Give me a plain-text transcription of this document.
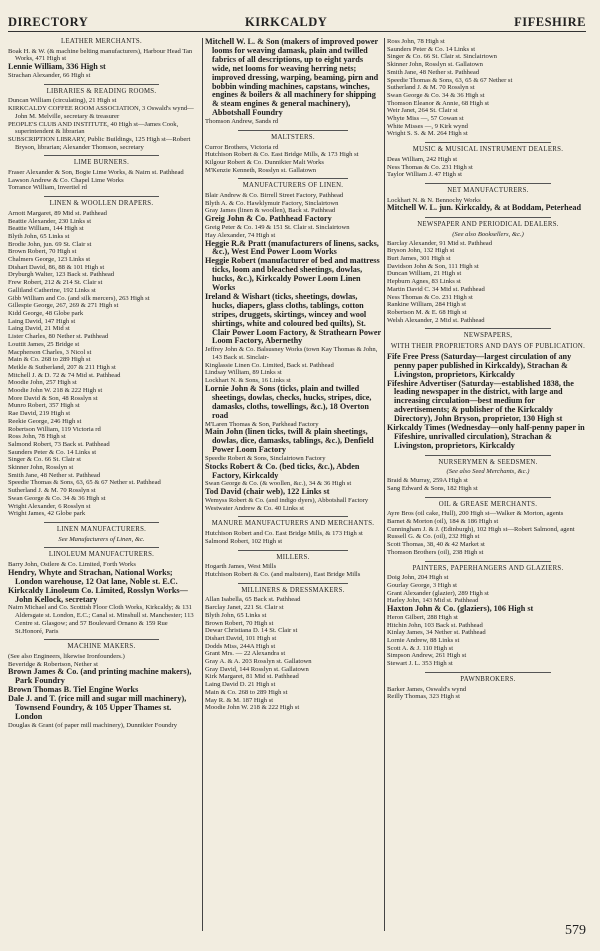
DIRECTORY	KIRKCALDY	FIFESHIRE
LEATHER MERCHANTS.
Boak H. & W. (& machine belting manufacturers), Harbour Head Tan Works, 471 High st
Lennie William, 336 High st
Strachan Alexander, 66 High st
LIBRARIES & READING ROOMS.
Duncan William (circulating), 21 High st
KIRKCALDY COFFEE ROOM ASSOCIATION, 3 Oswald's wynd—John M. Melville, secretary & treasurer
PEOPLE'S CLUB AND INSTITUTE, 40 High st—James Cook, superintendent & librarian
SUBSCRIPTION LIBRARY, Public Buildings, 125 High st—Robert Bryson, librarian; Alexander Thomson, secretary
LIME BURNERS.
Fraser Alexander & Son, Bogie Lime Works, & Nairn st. Pathhead
Lawson Andrew & Co. Chapel Lime Works
Torrance William, Invertiel rd
LINEN & WOOLLEN DRAPERS.
Arnott Margaret, 89 Mid st. Pathhead
Beattie Alexander, 230 Links st
Beattie William, 144 High st
Blyth John, 65 Links st
Brodie John, jun. 69 St. Clair st
Brown Robert, 70 High st
Chalmers George, 123 Links st
Dishart David, 86, 88 & 101 High st
Dryburgh Walter, 123 Back st. Pathhead
Frew Robert, 212 & 214 St. Clair st
Galliland Catherine, 192 Links st
Gibb William and Co. (and silk mercers), 263 High st
Gillespie George, 267, 269 & 271 High st
Kidd George, 48 Globe park
Laing David, 147 High st
Laing David, 21 Mid st
Lister Charles, 80 Nether st. Pathhead
Louttit James, 25 Bridge st
Macpherson Charles, 3 Nicol st
Main & Co. 268 to 289 High st
Meikle & Sutherland, 207 & 211 High st
Mitchell J. & D. 72 & 74 Mid st. Pathhead
Moodie John, 257 High st
Moodie John W. 218 & 222 High st
More David & Son, 48 Rosslyn st
Munro Robert, 357 High st
Rae David, 219 High st
Reekie George, 246 High st
Robertson William, 119 Victoria rd
Ross John, 78 High st
Salmond Robert, 73 Back st. Pathhead
Saunders Peter & Co. 14 Links st
Singer & Co. 66 St. Clair st
Skinner John, Rosslyn st
Smith Jane, 48 Nether st. Pathhead
Speedie Thomas & Sons, 63, 65 & 67 Nether st. Pathhead
Sutherland J. & M. 70 Rosslyn st
Swan George & Co. 34 & 36 High st
Wright Alexander, 6 Rosslyn st
Wright James, 42 Globe park
LINEN MANUFACTURERS.
See Manufacturers of Linen, &c.
LINOLEUM MANUFACTURERS.
Barry John, Ostlere & Co. Limited, Forth Works
Hendry, Whyte and Strachan, National Works; London warehouse, 12 Oat lane, Noble st. E.C.
Kirkcaldy Linoleum Co. Limited, Rosslyn Works—John Kellock, secretary
Nairn Michael and Co. Scottish Floor Cloth Works, Kirkcaldy; & 131 Aldersgate st. London, E.C.; Canal st. Minshull st. Manchester; 113 Centre st. Glasgow; and 57 Boulevard Ornano & 159 Rue St.Honoré, Paris
MACHINE MAKERS.
(See also Engineers, likewise Ironfounders.)
Beveridge & Robertson, Nether st
Brown James & Co. (and printing machine makers), Park Foundry
Brown Thomas B. Tiel Engine Works
Dale J. and T. (rice mill and sugar mill machinery), Townsend Foundry, & 105 Upper Thames st. London
Douglas & Grant (of paper mill machinery), Dunnikier Foundry
Mitchell W. L. & Son (makers of improved power looms for weaving damask, plain and twilled fabrics of all descriptions, up to eight yards wide, net looms for weaving herring nets; improved dressing, warping, beaming, pirn and bobbin winding machines, capstans, winches, engines & boilers & all machinery for shipping & steam engines & general machinery), Abbotshall Foundry
Thomson Andrew, Sands rd
MALTSTERS.
Curror Brothers, Victoria rd
Hutchison Robert & Co. East Bridge Mills, & 173 High st
Kilgour Robert & Co. Dunnikier Malt Works
M'Kenzie Kenneth, Rosslyn st. Gallatown
MANUFACTURERS OF LINEN.
Blair Andrew & Co. Birrell Street Factory, Pathhead
Blyth A. & Co. Hawklymuir Factory, Sinclairtown
Gray James (linen & woollen), Back st. Pathhead
Greig John & Co. Pathhead Factory
Greig Peter & Co. 149 & 151 St. Clair st. Sinclairtown
Hay Alexander, 74 High st
Heggie R.& Pratt (manufacturers of linens, sacks, &c.), West End Power Loom Works
Heggie Robert (manufacturer of bed and mattress ticks, loom and bleached sheetings, dowlas, hucks, &c.), Kirkcaldy Power Loom Linen Works
Ireland & Wishart (ticks, sheetings, dowlas, hucks, diapers, glass cloths, tablings, cotton stripes, druggets, skirtings, wincey and wool shirtings, white and coloured bed quilts), St. Clair Power Loom Factory, & Strathearn Power Loom Factory, Abernethy
Jeffrey John & Co. Balsusney Works (town Kay Thomas & John, 143 Back st. Sinclair-
Kinglassie Linen Co. Limited, Back st. Pathhead
Lindsay William, 89 Links st
Lockhart N. & Sons, 16 Links st
Lornie John & Sons (ticks, plain and twilled sheetings, dowlas, checks, hucks, stripes, dice, damasks, cloths, towellings, &c.), 18 Overton road
M'Laren Thomas & Son, Parkhead Factory
Main John (linen ticks, twill & plain sheetings, dowlas, dice, damasks, tablings, &c.), Denfield Power Loom Factory
Speedie Robert & Sons, Sinclairtown Factory
Stocks Robert & Co. (bed ticks, &c.), Abden Factory, Kirkcaldy
Swan George & Co. (& woollen, &c.), 34 & 36 High st
Tod David (chair web), 122 Links st
Wemyss Robert & Co. (and indigo dyers), Abbotshall Factory
Westwater Andrew & Co. 40 Links st
MANURE MANUFACTURERS AND MERCHANTS.
Hutchison Robert and Co. East Bridge Mills, & 173 High st
Salmond Robert, 102 High st
MILLERS.
Hogarth James, West Mills
Hutchison Robert & Co. (and maltsters), East Bridge Mills
MILLINERS & DRESSMAKERS.
Allan Isabella, 65 Back st. Pathhead
Barclay Janet, 221 St. Clair st
Blyth John, 65 Links st
Brown Robert, 70 High st
Dewar Christiana D. 14 St. Clair st
Dishart David, 101 High st
Dodds Miss, 244A High st
Grant Mrs. — 22 Alexandra st
Gray A. & A. 203 Rosslyn st. Gallatown
Gray David, 144 Rosslyn st. Gallatown
Kirk Margaret, 81 Mid st. Pathhead
Laing David D. 21 High st
Main & Co. 268 to 289 High st
May R. & M. 187 High st
Moodie John W. 218 & 222 High st
Ross John, 78 High st
Saunders Peter & Co. 14 Links st
Singer & Co. 66 St. Clair st. Sinclairtown
Skinner John, Rosslyn st. Gallatown
Smith Jane, 48 Nether st. Pathhead
Speedie Thomas & Sons, 63, 65 & 67 Nether st
Sutherland J. & M. 70 Rosslyn st
Swan George & Co. 34 & 36 High st
Thomson Eleanor & Annie, 68 High st
Weir Janet, 264 St. Clair st
Whyte Miss —, 57 Cowan st
White Misses —, 9 Kirk wynd
Wright S. S. & M. 264 High st
MUSIC & MUSICAL INSTRUMENT DEALERS.
Deas William, 242 High st
Ness Thomas & Co. 231 High st
Taylor William J. 47 High st
NET MANUFACTURERS.
Lockhart N. & N. Bennochy Works
Mitchell W. L. jun. Kirkcaldy, & at Boddam, Peterhead
NEWSPAPER AND PERIODICAL DEALERS.
(See also Booksellers, &c.)
Barclay Alexander, 91 Mid st. Pathhead
Bryson John, 132 High st
Burt James, 301 High st
Davidson John & Son, 111 High st
Duncan William, 21 High st
Hepburn Agnes, 83 Links st
Martin David C. 34 Mid st. Pathhead
Ness Thomas & Co. 231 High st
Rankine William, 284 High st
Robertson M. & E. 68 High st
Welsh Alexander, 2 Mid st. Pathhead
NEWSPAPERS,
WITH THEIR PROPRIETORS AND DAYS OF PUBLICATION.
Fife Free Press (Saturday—largest circulation of any penny paper published in Kirkcaldy), Strachan & Livingston, proprietors, Kirkcaldy
Fifeshire Advertiser (Saturday—established 1838, the leading newspaper in the district, with large and increasing circulation—best medium for advertisements; & publisher of the Kirkcaldy Directory), John Bryson, proprietor, 130 High st
Kirkcaldy Times (Wednesday—only half-penny paper in Fifeshire, unrivalled circulation), Strachan & Livingston, proprietors, Kirkcaldy
NURSERYMEN & SEEDSMEN.
(See also Seed Merchants, &c.)
Braid & Murray, 259A High st
Sang Edward & Sons, 182 High st
OIL & GREASE MERCHANTS.
Ayre Bros (oil cake, Hull), 200 High st—Walker & Morton, agents
Barnet & Morton (oil), 184 & 186 High st
Cunningham J. & J. (Edinburgh), 102 High st—Robert Salmond, agent
Russell G. & Co. (oil), 232 High st
Scott Thomas, 38, 40 & 42 Market st
Thomson Brothers (oil), 238 High st
PAINTERS, PAPERHANGERS AND GLAZIERS.
Doig John, 204 High st
Gourlay George, 3 High st
Grant Alexander (glazier), 289 High st
Harley John, 143 Mid st. Pathhead
Haxton John & Co. (glaziers), 106 High st
Heron Gilbert, 288 High st
Hitchin John, 103 Back st. Pathhead
Kinlay James, 34 Nether st. Pathhead
Lornie Andrew, 88 Links st
Scott A. & J. 110 High st
Simpson Andrew, 261 High st
Stewart J. L. 353 High st
PAWNBROKERS.
Barker James, Oswald's wynd
Reilly Thomas, 323 High st
579
